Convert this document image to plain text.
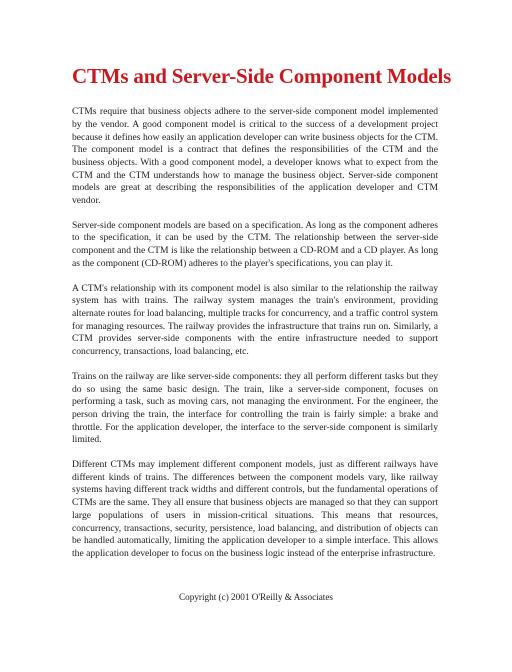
CTMs and Server-Side Component Models

CTMs require that business objects adhere to the server-side component model implemented by the vendor. A good component model is critical to the success of a development project because it defines how easily an application developer can write business objects for the CTM. The component model is a contract that defines the responsibilities of the CTM and the business objects. With a good component model, a developer knows what to expect from the CTM and the CTM understands how to manage the business object. Server-side component models are great at describing the responsibilities of the application developer and CTM vendor.

Server-side component models are based on a specification. As long as the component adheres to the specification, it can be used by the CTM. The relationship between the server-side component and the CTM is like the relationship between a CD-ROM and a CD player. As long as the component (CD-ROM) adheres to the player's specifications, you can play it.

A CTM's relationship with its component model is also similar to the relationship the railway system has with trains. The railway system manages the train's environment, providing alternate routes for load balancing, multiple tracks for concurrency, and a traffic control system for managing resources. The railway provides the infrastructure that trains run on. Similarly, a CTM provides server-side components with the entire infrastructure needed to support concurrency, transactions, load balancing, etc.

Trains on the railway are like server-side components: they all perform different tasks but they do so using the same basic design. The train, like a server-side component, focuses on performing a task, such as moving cars, not managing the environment. For the engineer, the person driving the train, the interface for controlling the train is fairly simple: a brake and throttle. For the application developer, the interface to the server-side component is similarly limited.

Different CTMs may implement different component models, just as different railways have different kinds of trains. The differences between the component models vary, like railway systems having different track widths and different controls, but the fundamental operations of CTMs are the same. They all ensure that business objects are managed so that they can support large populations of users in mission-critical situations. This means that resources, concurrency, transactions, security, persistence, load balancing, and distribution of objects can be handled automatically, limiting the application developer to a simple interface. This allows the application developer to focus on the business logic instead of the enterprise infrastructure.

Copyright (c) 2001 O'Reilly & Associates
